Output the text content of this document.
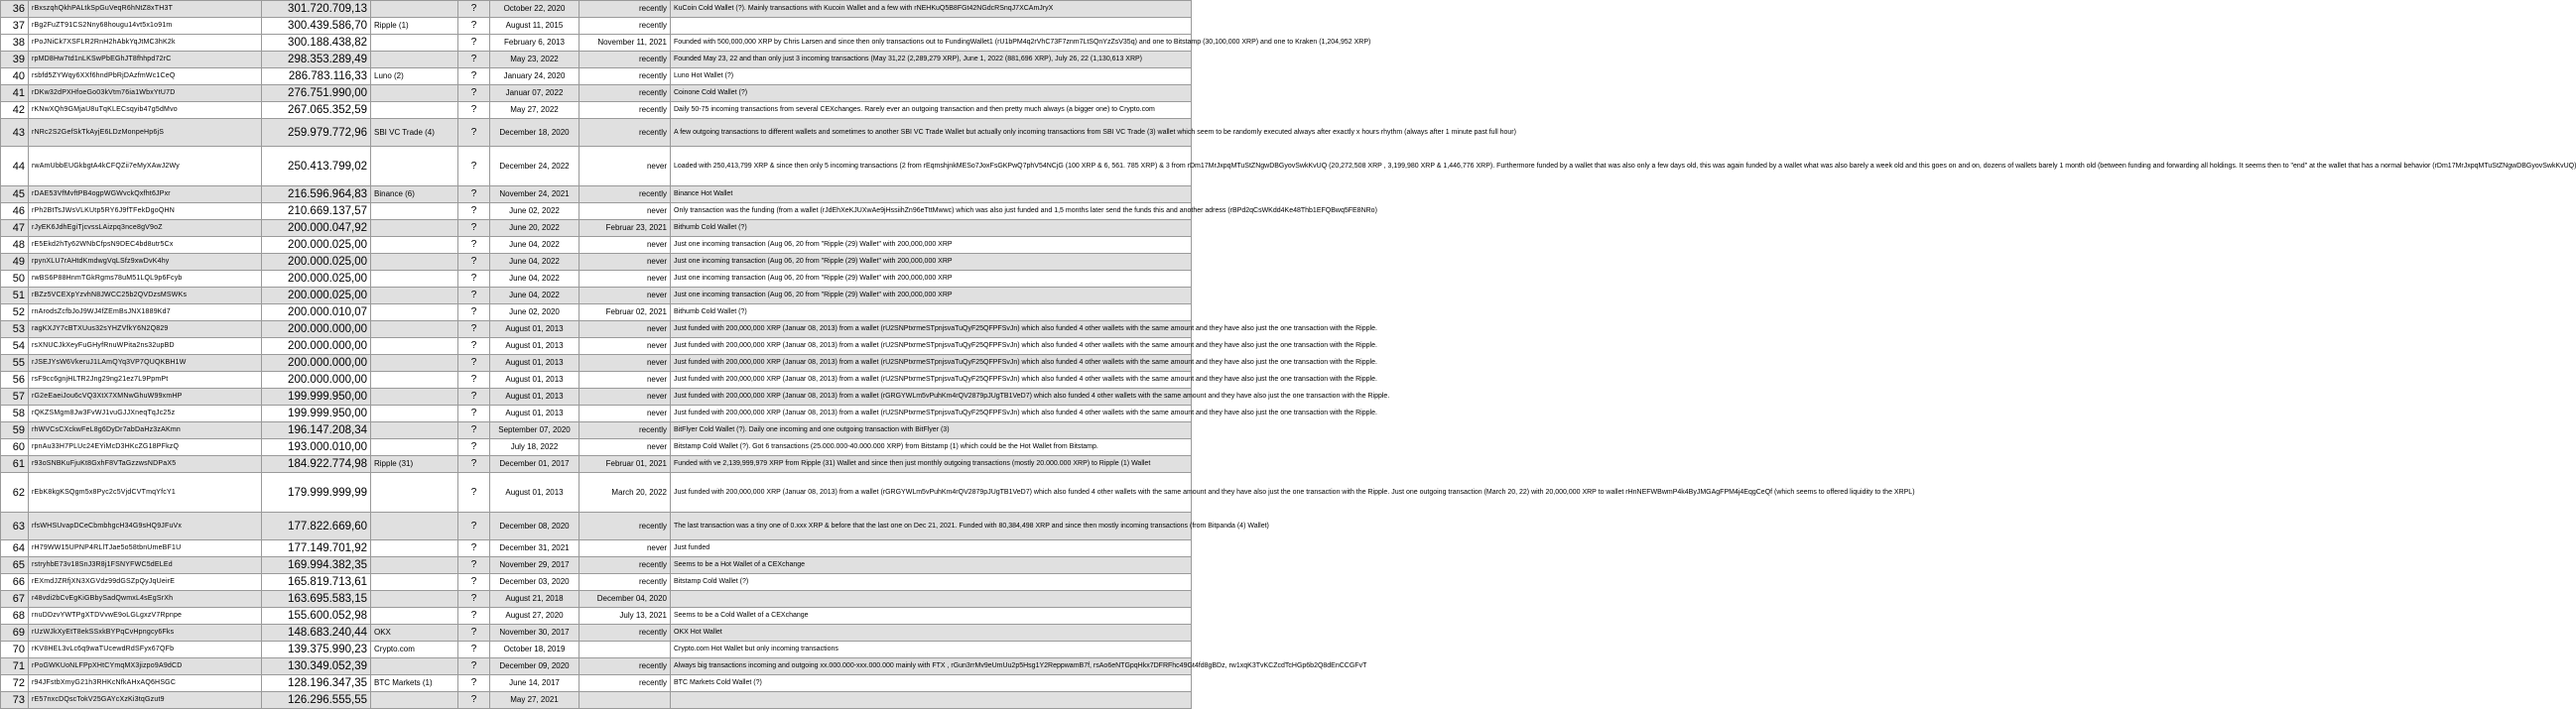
36	rBxszqhQkhPALtkSpGuVeqR6hNtZ8xTH3T	301.720.709,13		?	October 22, 2020	recently	KuCoin Cold Wallet (?). Mainly transactions with Kucoin Wallet and a few with rNEHKuQ5B8FGt42NGdcRSnqJ7XCAmJryX
37	rBg2FuZT91CS2Nny68hougu14vt5x1o91m	300.439.586,70	Ripple (1)	?	August 11, 2015	recently	
38	rPoJNiCk7XSFLR2RnH2hAbkYqJtMC3hK2k	300.188.438,82		?	February 6, 2013	November 11, 2021	Founded with 500,000,000 XRP by Chris Larsen and since then only transactions out to FundingWallet1 (rU1bPM4q2rVhC73F7znm7LtSQnYzZsV35q) and one to Bitstamp (30,100,000 XRP) and one to Kraken (1,204,952 XRP)
39	rpMD8Hw7td1nLKSwPbEGhJT8fhhpd72rC	298.353.289,49		?	May 23, 2022	recently	Founded May 23, 22 and than only just 3 incoming transactions (May 31,22 (2,289,279 XRP), June 1, 2022 (881,696 XRP), July 26, 22 (1,130,613 XRP)
40	rsbfd5ZYWqy6XXf6hndPbRjDAzfmWc1CeQ	286.783.116,33	Luno (2)	?	January 24, 2020	recently	Luno Hot Wallet (?)
41	rDKw32dPXHfoeGo03kVtm76ia1WbxYtU7D	276.751.990,00		?	Januar 07, 2022	recently	Coinone Cold Wallet (?)
42	rKNwXQh9GMjaU8uTqKLECsqyib47g5dMvo	267.065.352,59		?	May 27, 2022	recently	Daily 50-75 incoming transactions from several CEXchanges. Rarely ever an outgoing transaction and then pretty much always (a bigger one) to Crypto.com
43	rNRc2S2GefSkTkAyjE6LDzMonpeHp6jS	259.979.772,96	SBI VC Trade (4)	?	December 18, 2020	recently	A few outgoing transactions to different wallets and sometimes to another SBI VC Trade Wallet but actually only incoming transactions from SBI VC Trade (3) wallet which seem to be randomly executed always after exactly x hours rhythm (always after 1 minute past full hour)
44	rwAmUbbEUGkbgtA4kCFQZii7eMyXAwJ2Wy	250.413.799,02		?	December 24, 2022	never	Loaded with 250,413,799 XRP & since then only 5 incoming transactions (2 from rEqmshjnkMESo7JoxFsGKPwQ7phV54NCjG (100 XRP & 6, 561. 785 XRP) & 3 from rDm17MrJxpqMTuStZNgwDBGyovSwkKvUQ (20,272,508 XRP , 3,199,980 XRP & 1,446,776 XRP). Furthermore funded by a wallet that was also only a few days old, this was again funded by a wallet what was also barely a week old and this goes on and on, dozens of wallets barely 1 month old (between funding and forwarding all holdings. It seems then to "end" at the wallet that has a normal behavior (rDm17MrJxpqMTuStZNgwDBGyovSwkKvUQ)
45	rDAE53VfMvftPB4ogpWGWvckQxfht6JPxr	216.596.964,83	Binance (6)	?	November 24, 2021	recently	Binance Hot Wallet
46	rPh2BtTsJWsVLKUtp5RY6J9fTFekDgoQHN	210.669.137,57		?	June 02, 2022	never	Only transaction was the funding (from a wallet (rJdEhXeKJUXwAe9jHssiihZn96eTttMwwc) which was also just funded and 1,5 months later send the funds this and another adress (rBPd2qCsWKdd4Ke48Thb1EFQBwq5FE8NRo)
47	rJyEK6JdhEgiTjcvssLAizpq3nce8gV9oZ	200.000.047,92		?	June 20, 2022	Februar 23, 2021	Bithumb Cold Wallet (?)
48	rE5Ekd2hTy62WNbCfpsN9DEC4bd8utr5Cx	200.000.025,00		?	June 04, 2022	never	Just one incoming transaction (Aug 06, 20 from "Ripple (29) Wallet" with 200,000,000 XRP
49	rpynXLU7rAHtdKmdwgVqLSfz9xwDvK4hy	200.000.025,00		?	June 04, 2022	never	Just one incoming transaction (Aug 06, 20 from "Ripple (29) Wallet" with 200,000,000 XRP
50	rwBS6P88HnmTGkRgms78uM51LQL9p6Fcyb	200.000.025,00		?	June 04, 2022	never	Just one incoming transaction (Aug 06, 20 from "Ripple (29) Wallet" with 200,000,000 XRP
51	rBZz5VCEXpYzvhN8JWCC25b2QVDzsMSWKs	200.000.025,00		?	June 04, 2022	never	Just one incoming transaction (Aug 06, 20 from "Ripple (29) Wallet" with 200,000,000 XRP
52	rnArodsZcfbJoJ9WJ4fZEmBsJNX1889Kd7	200.000.010,07		?	June 02, 2020	Februar 02, 2021	Bithumb Cold Wallet (?)
53	ragKXJY7cBTXUus32sYHZVfkY6N2Q829	200.000.000,00		?	August 01, 2013	never	Just funded with 200,000,000 XRP (Januar 08, 2013) from a wallet (rU2SNPtxrmeSTpnjsvaTuQyF25QFPFSvJn) which also funded 4 other wallets with the same amount and they have also just the one transaction with the Ripple.
54	rsXNUCJkXeyFuGHyfRnuWPita2ns32upBD	200.000.000,00		?	August 01, 2013	never	Just funded with 200,000,000 XRP (Januar 08, 2013) from a wallet (rU2SNPtxrmeSTpnjsvaTuQyF25QFPFSvJn) which also funded 4 other wallets with the same amount and they have also just the one transaction with the Ripple.
55	rJSEJYsW6VkeruJ1LAmQYq3VP7QUQKBH1W	200.000.000,00		?	August 01, 2013	never	Just funded with 200,000,000 XRP (Januar 08, 2013) from a wallet (rU2SNPtxrmeSTpnjsvaTuQyF25QFPFSvJn) which also funded 4 other wallets with the same amount and they have also just the one transaction with the Ripple.
56	rsF9cc6gnjHLTR2Jng29ng21ez7L9PpmPt	200.000.000,00		?	August 01, 2013	never	Just funded with 200,000,000 XRP (Januar 08, 2013) from a wallet (rU2SNPtxrmeSTpnjsvaTuQyF25QFPFSvJn) which also funded 4 other wallets with the same amount and they have also just the one transaction with the Ripple.
57	rG2eEaeiJou6cVQ3XtX7XMNwGhuW99xmHP	199.999.950,00		?	August 01, 2013	never	Just funded with 200,000,000 XRP (Januar 08, 2013) from a wallet (rGRGYWLm5vPuhKm4rQV2879pJUgTB1VeD7) which also funded 4 other wallets with the same amount and they have also just the one transaction with the Ripple.
58	rQKZSMgm8Jw3FvWJ1vuGJJXneqTqJc25z	199.999.950,00		?	August 01, 2013	never	Just funded with 200,000,000 XRP (Januar 08, 2013) from a wallet (rU2SNPtxrmeSTpnjsvaTuQyF25QFPFSvJn) which also funded 4 other wallets with the same amount and they have also just the one transaction with the Ripple.
59	rhWVCsCXckwFeL8g6DyDr7abDaHz3zAKmn	196.147.208,34		?	September 07, 2020	recently	BitFlyer Cold Wallet (?). Daily one incoming and one outgoing transaction with BitFlyer (3)
60	rpnAu33H7PLUc24EYiMcD3HKcZG18PFkzQ	193.000.010,00		?	July 18, 2022	never	Bitstamp Cold Wallet (?). Got 6 transactions (25.000.000-40.000.000 XRP) from Bitstamp (1) which could be the Hot Wallet from Bitstamp.
61	r93oSNBKuFjuKt8GxhF8VTaGzzwsNDPaX5	184.922.774,98	Ripple (31)	?	December 01, 2017	Februar 01, 2021	Funded with ve 2,139,999,979 XRP from Ripple (31) Wallet and since then just monthly outgoing transactions (mostly 20.000.000 XRP) to Ripple (1) Wallet
62	rEbK8kgKSQgm5x8Pyc2c5VjdCVTmqYfcY1	179.999.999,99		?	August 01, 2013	March 20, 2022	Just funded with 200,000,000 XRP (Januar 08, 2013) from a wallet (rGRGYWLm5vPuhKm4rQV2879pJUgTB1VeD7) which also funded 4 other wallets with the same amount and they have also just the one transaction with the Ripple. Just one outgoing transaction (March 20, 22) with 20,000,000 XRP to wallet rHnNEFWBwmP4k4ByJMGAgFPM4j4EqgCeQf (which seems to offered liquidity to the XRPL)
63	rfsWHSUvapDCeCbmbhgcH34G9sHQ9JFuVx	177.822.669,60		?	December 08, 2020	recently	The last transaction was a tiny one of 0.xxx XRP & before that the last one on Dec 21, 2021. Funded with 80,384,498 XRP and since then mostly incoming transactions (from Bitpanda (4) Wallet)
64	rH79WW15UPNP4RLlTJae5o58tbnUmeBF1U	177.149.701,92		?	December 31, 2021	never	Just funded
65	rstryhbE73v18SnJ3R8j1FSNYFWC5dELEd	169.994.382,35		?	November 29, 2017	recently	Seems to be a Hot Wallet of a CEXchange
66	rEXmdJZRfjXN3XGVdz99dGSZpQyJqUeirE	165.819.713,61		?	December 03, 2020	recently	Bitstamp Cold Wallet (?)
67	r48vdi2bCvEgKiGBbySadQwmxL4sEgSrXh	163.695.583,15		?	August 21, 2018	December 04, 2020	
68	rnuDDzvYWTPgXTDVvwE9oLGLgxzV7Rpnpe	155.600.052,98		?	August 27, 2020	July 13, 2021	Seems to be a Cold Wallet of a CEXchange
69	rUzWJkXyEtT8ekSSxkBYPqCvHpngcy6Fks	148.683.240,44	OKX	?	November 30, 2017	recently	OKX Hot Wallet
70	rKV8HEL3vLc6q9waTUcewdRdSFyx67QFb	139.375.990,23	Crypto.com	?	October 18, 2019		Crypto.com Hot Wallet but only incoming transactions
71	rPoGWKUoNLFPpXHtCYmqMX3jizpo9A9dCD	130.349.052,39		?	December 09, 2020	recently	Always big transactions incoming and outgoing xx.000.000-xxx.000.000 mainly with FTX , rGun3rrMv9eUmUu2p5Hsg1Y2ReppwamB7f, rsAo6eNTGpqHkx7DFRFhc49Gt4fd8gBDz, rw1xqK3TvKCZcdTcHGp6b2Q8dEnCCGFvT
72	r94JFstbXmyG21h3RHKcNfkAHxAQ6HSGC	128.196.347,35	BTC Markets (1)	?	June 14, 2017	recently	BTC Markets Cold Wallet (?)
73	rE57nxcDQscTokV25GAYcXzKi3tqGzut9	126.296.555,55		?	May 27, 2021		
